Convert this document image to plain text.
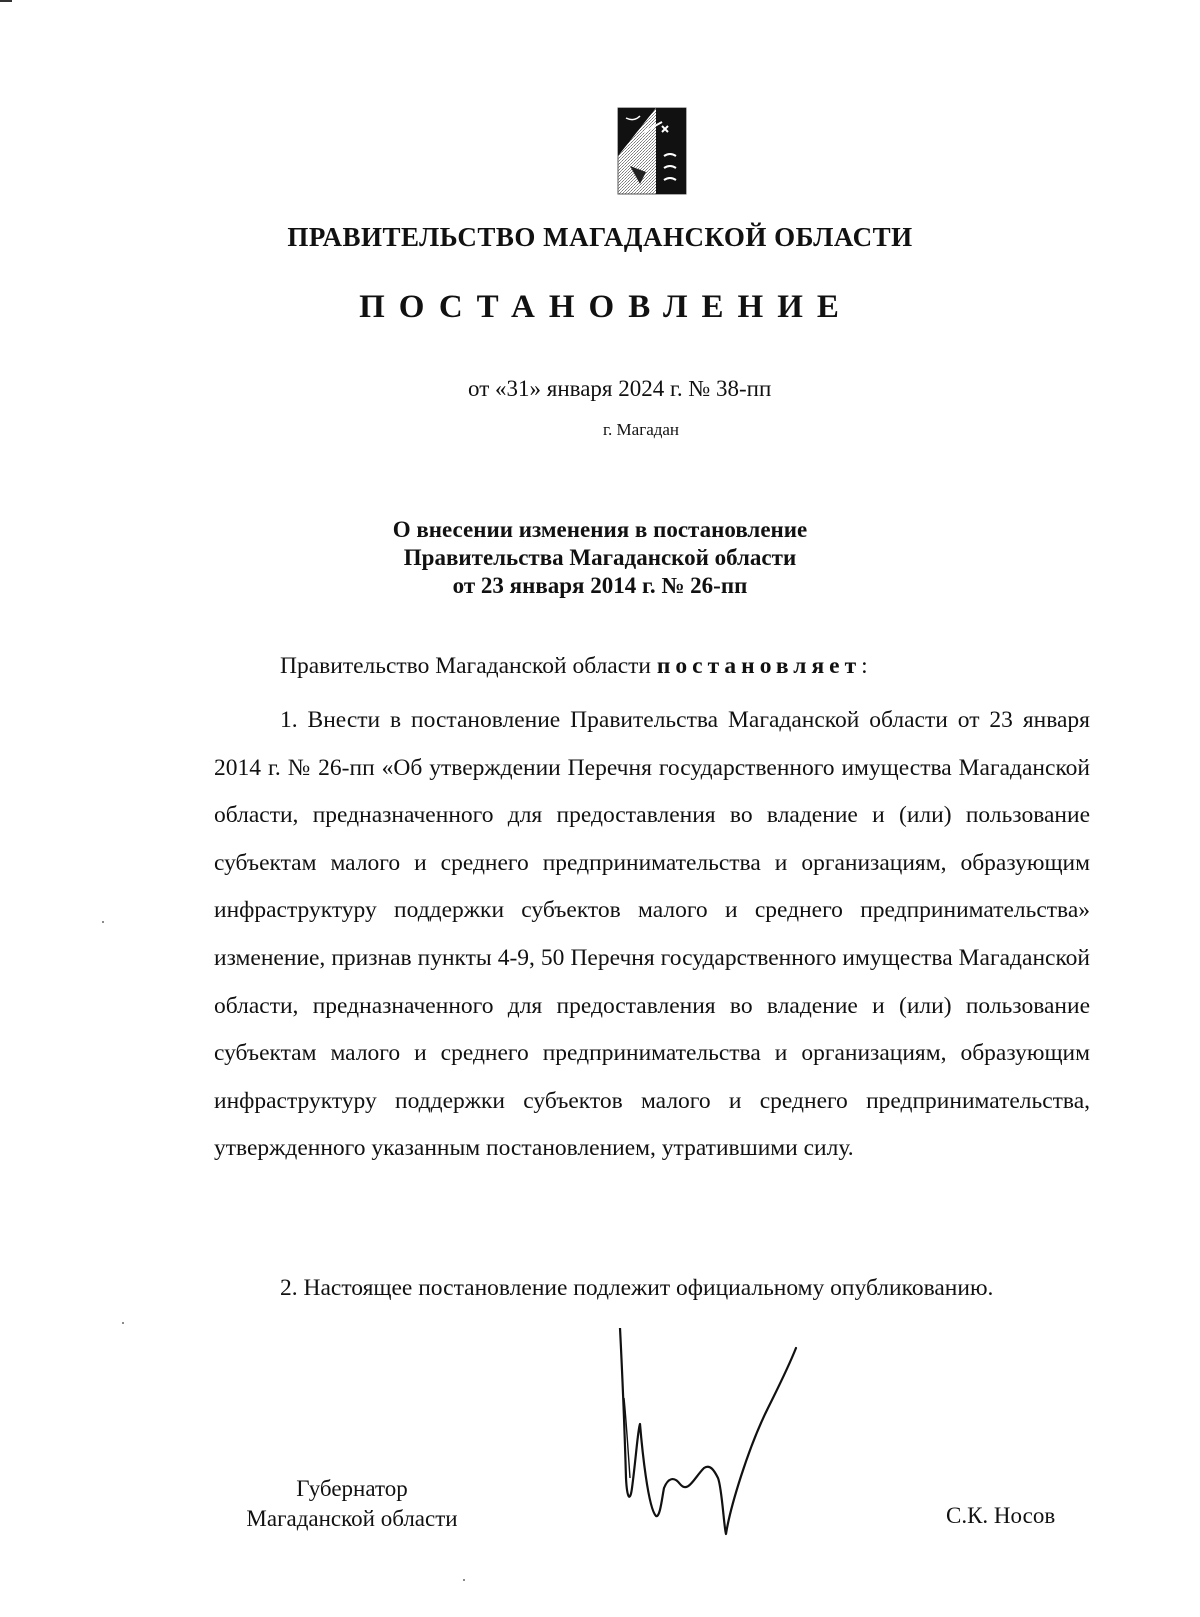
ПРАВИТЕЛЬСТВО МАГАДАНСКОЙ ОБЛАСТИ
ПОСТАНОВЛЕНИЕ
от «31» января 2024 г. № 38-пп
г. Магадан
О внесении изменения в постановление
Правительства Магаданской области
от 23 января 2014 г. № 26-пп
Правительство Магаданской области постановляет:
1. Внести в постановление Правительства Магаданской области от 23 января 2014 г. № 26-пп «Об утверждении Перечня государственного имущества Магаданской области, предназначенного для предоставления во владение и (или) пользование субъектам малого и среднего предпринимательства и организациям, образующим инфраструктуру поддержки субъектов малого и среднего предпринимательства» изменение, признав пункты 4-9, 50 Перечня государственного имущества Магаданской области, предназначенного для предоставления во владение и (или) пользование субъектам малого и среднего предпринимательства и организациям, образующим инфраструктуру поддержки субъектов малого и среднего предпринимательства, утвержденного указанным постановлением, утратившими силу.
2. Настоящее постановление подлежит официальному опубликованию.
Губернатор
Магаданской области	С.К. Носов
